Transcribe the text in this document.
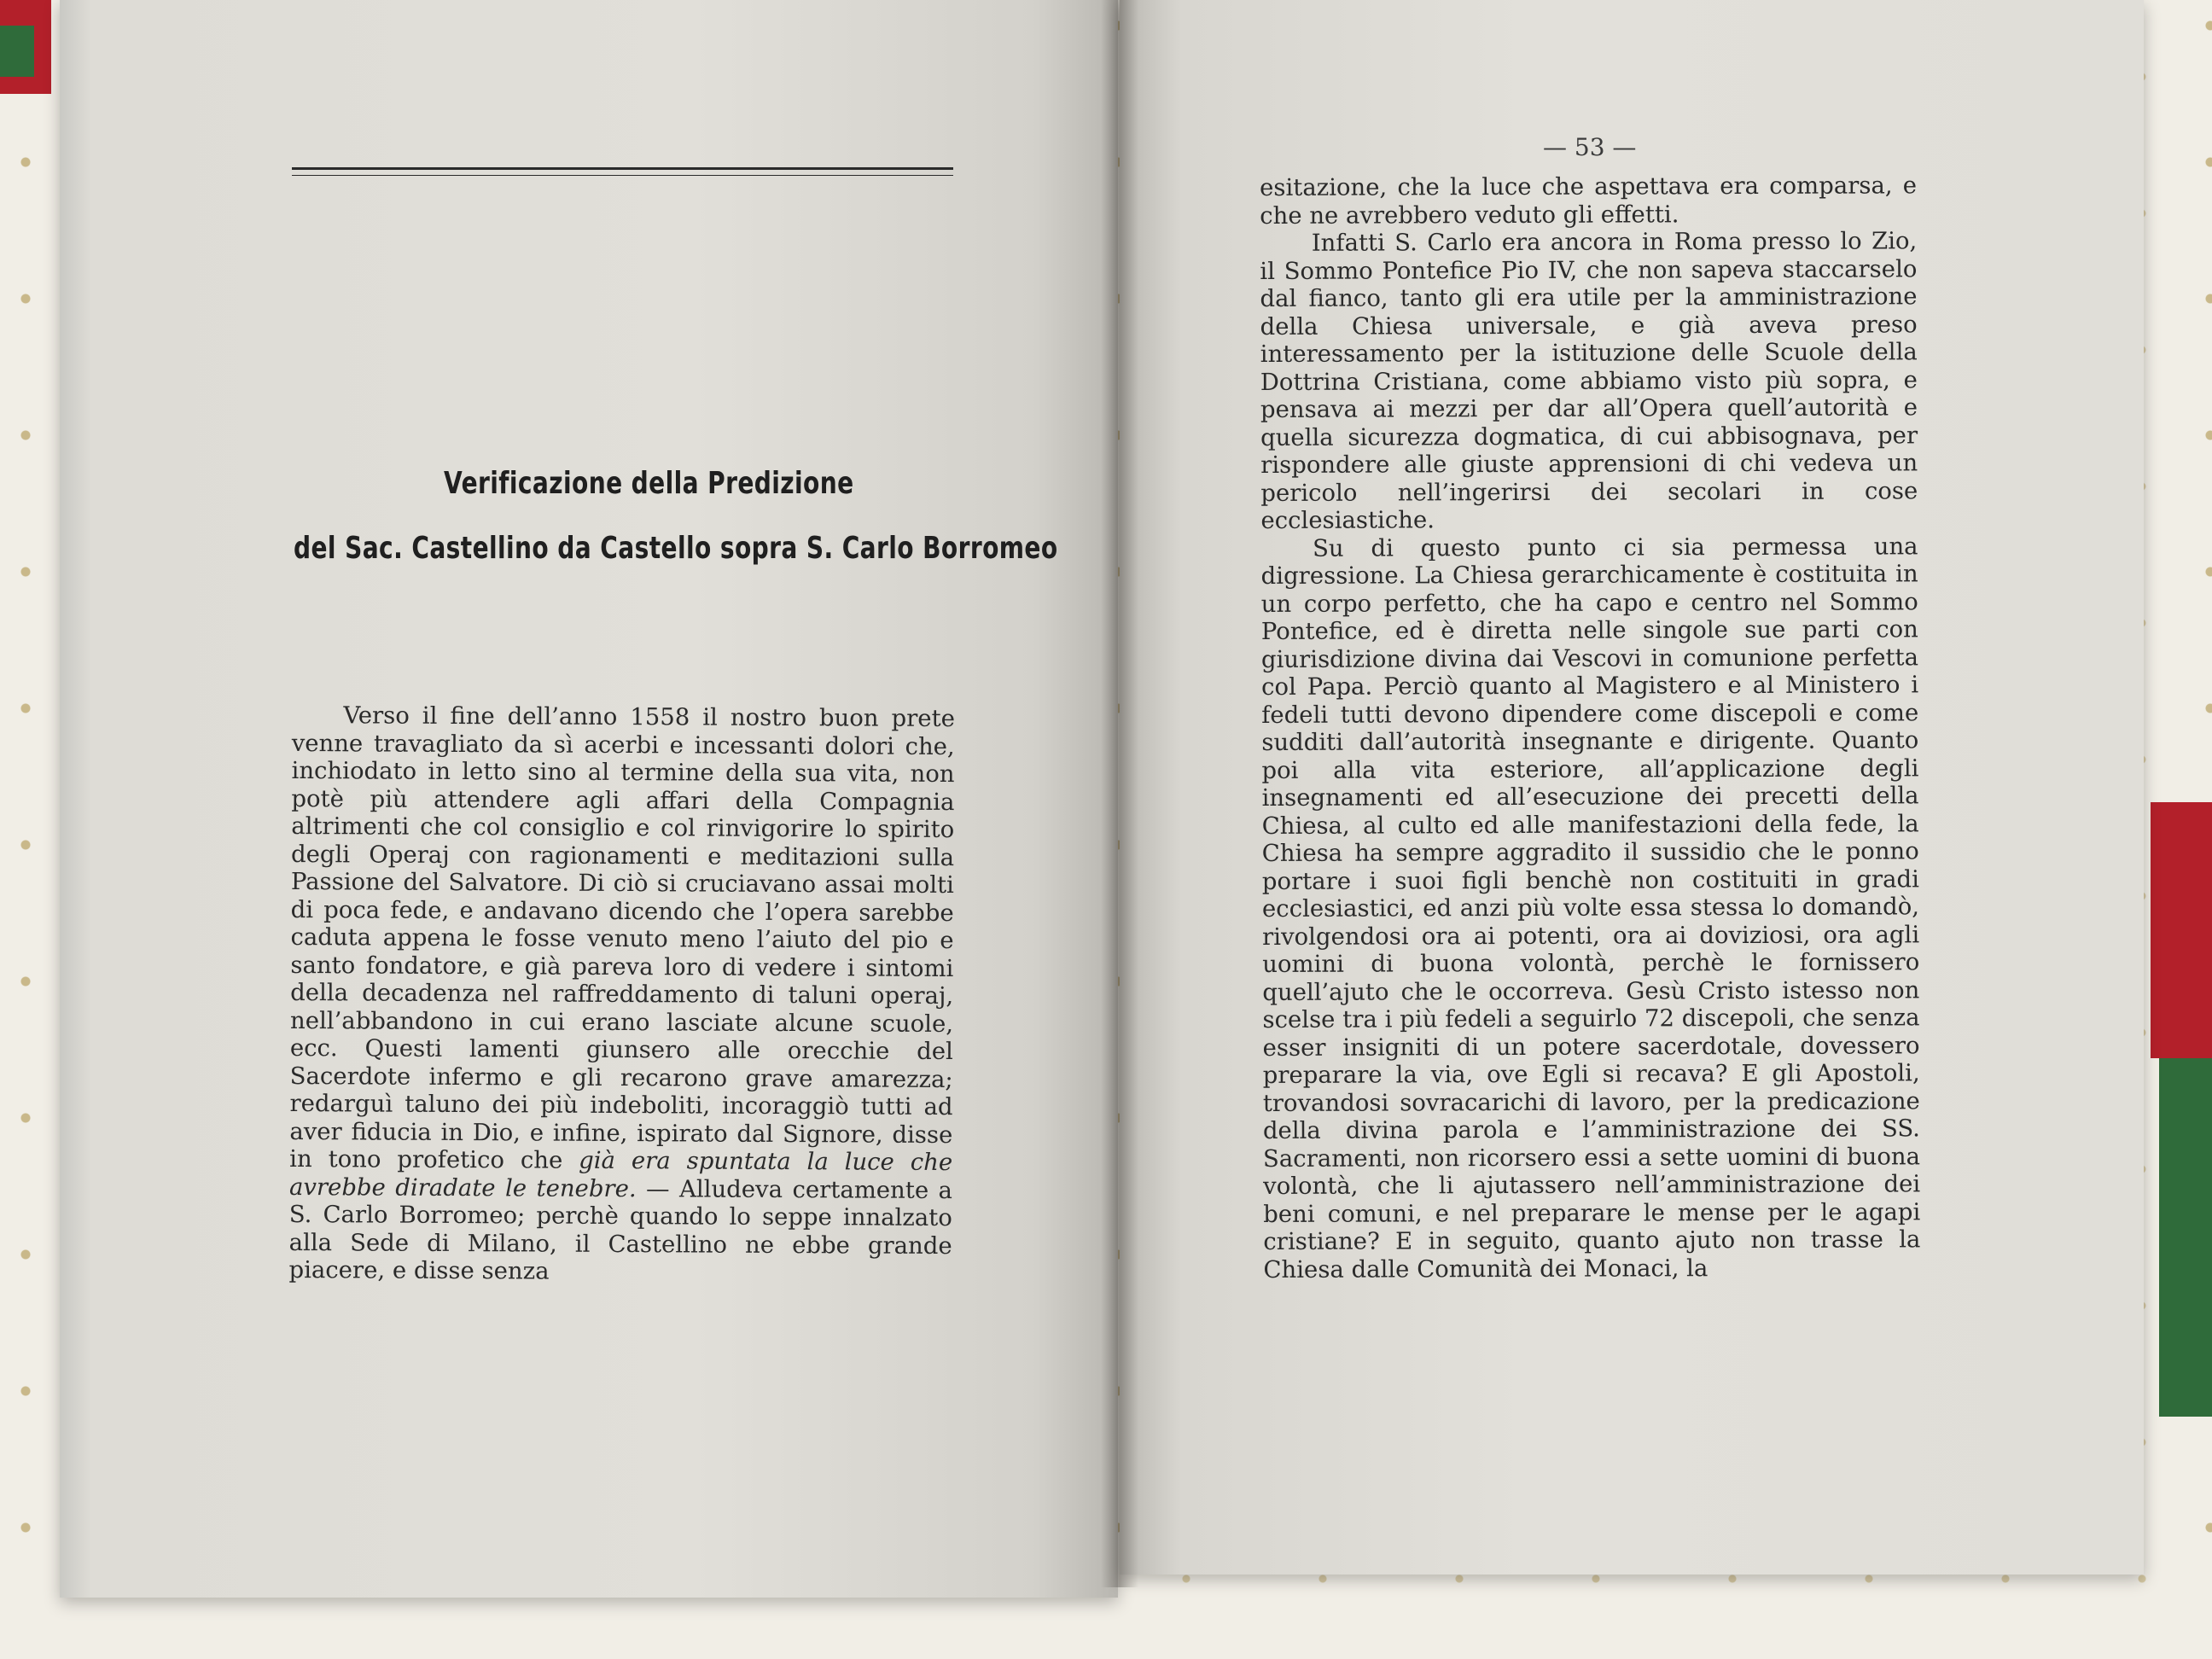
Verificazione della Predizione
del Sac. Castellino da Castello sopra S. Carlo Borromeo

Verso il fine dell’anno 1558 il nostro buon prete venne travagliato da sì acerbi e incessanti dolori che, inchiodato in letto sino al termine della sua vita, non potè più attendere agli affari della Compagnia altrimenti che col consiglio e col rinvigorire lo spirito degli Operaj con ragionamenti e meditazioni sulla Passione del Salvatore. Di ciò si cruciavano assai molti di poca fede, e andavano dicendo che l’opera sarebbe caduta appena le fosse venuto meno l’aiuto del pio e santo fondatore, e già pareva loro di vedere i sintomi della decadenza nel raffreddamento di taluni operaj, nell’abbandono in cui erano lasciate alcune scuole, ecc. Questi lamenti giunsero alle orecchie del Sacerdote infermo e gli recarono grave amarezza; redarguì taluno dei più indeboliti, incoraggiò tutti ad aver fiducia in Dio, e infine, ispirato dal Signore, disse in tono profetico che già era spuntata la luce che avrebbe diradate le tenebre. — Alludeva certamente a S. Carlo Borromeo; perchè quando lo seppe innalzato alla Sede di Milano, il Castellino ne ebbe grande piacere, e disse senza

— 53 —

esitazione, che la luce che aspettava era comparsa, e che ne avrebbero veduto gli effetti.

Infatti S. Carlo era ancora in Roma presso lo Zio, il Sommo Pontefice Pio IV, che non sapeva staccarselo dal fianco, tanto gli era utile per la amministrazione della Chiesa universale, e già aveva preso interessamento per la istituzione delle Scuole della Dottrina Cristiana, come abbiamo visto più sopra, e pensava ai mezzi per dar all’Opera quell’autorità e quella sicurezza dogmatica, di cui abbisognava, per rispondere alle giuste apprensioni di chi vedeva un pericolo nell’ingerirsi dei secolari in cose ecclesiastiche.

Su di questo punto ci sia permessa una digressione. La Chiesa gerarchicamente è costituita in un corpo perfetto, che ha capo e centro nel Sommo Pontefice, ed è diretta nelle singole sue parti con giurisdizione divina dai Vescovi in comunione perfetta col Papa. Perciò quanto al Magistero e al Ministero i fedeli tutti devono dipendere come discepoli e come sudditi dall’autorità insegnante e dirigente. Quanto poi alla vita esteriore, all’applicazione degli insegnamenti ed all’esecuzione dei precetti della Chiesa, al culto ed alle manifestazioni della fede, la Chiesa ha sempre aggradito il sussidio che le ponno portare i suoi figli benchè non costituiti in gradi ecclesiastici, ed anzi più volte essa stessa lo domandò, rivolgendosi ora ai potenti, ora ai doviziosi, ora agli uomini di buona volontà, perchè le fornissero quell’ajuto che le occorreva. Gesù Cristo istesso non scelse tra i più fedeli a seguirlo 72 discepoli, che senza esser insigniti di un potere sacerdotale, dovessero preparare la via, ove Egli si recava? E gli Apostoli, trovandosi sovracarichi di lavoro, per la predicazione della divina parola e l’amministrazione dei SS. Sacramenti, non ricorsero essi a sette uomini di buona volontà, che li ajutassero nell’amministrazione dei beni comuni, e nel preparare le mense per le agapi cristiane? E in seguito, quanto ajuto non trasse la Chiesa dalle Comunità dei Monaci, la
